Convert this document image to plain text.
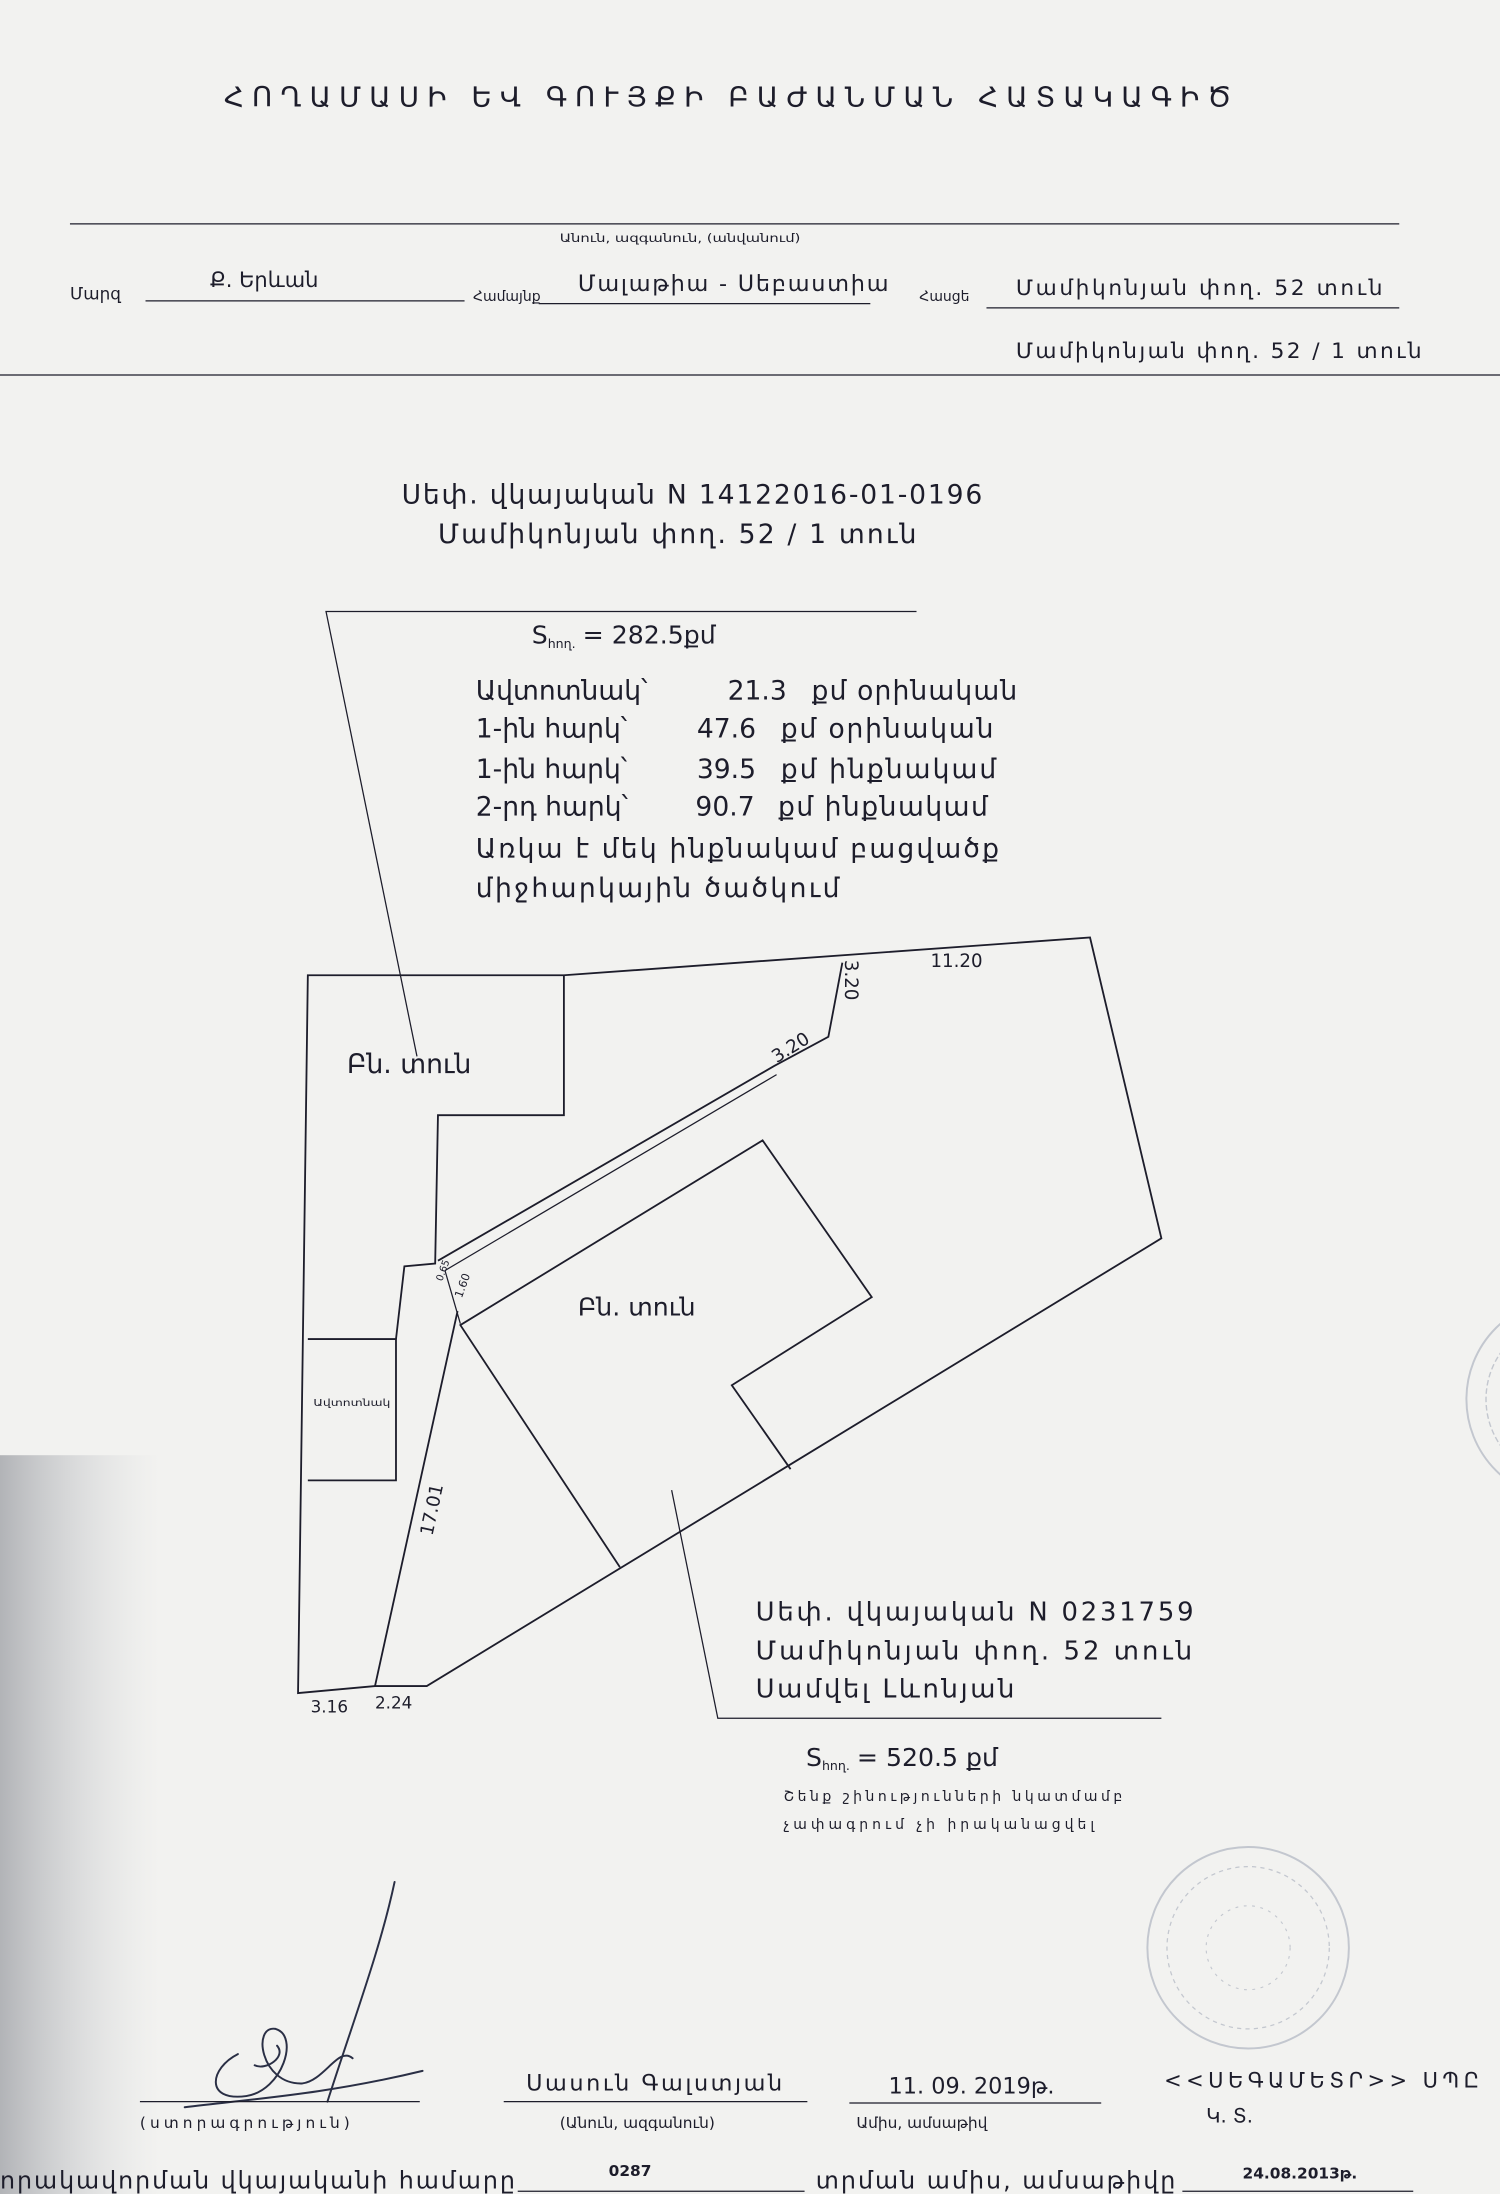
ՀՈՂԱՄԱՍԻ ԵՎ ԳՈՒՅՔԻ ԲԱԺԱՆՄԱՆ ՀԱՏԱԿԱԳԻԾ
Անուն, ազգանուն, (անվանում)
Մարզ
Ք. Երևան
Համայնք Մալաթիա - Սեբաստիա	Հասցե	Մամիկոնյան փող. 52 տուն
Մամիկոնյան փող. 52 / 1 տուն
Սեփ. վկայական N 14122016-01-0196
Մամիկոնյան փող. 52 / 1 տուն
Sհող. = 282.5քմ
Ավտոտնակ՝	21.3 քմ օրինական
1-ին հարկ՝	47.6 քմ օրինական
1-ին հարկ՝	39.5 քմ ինքնակամ
2-րդ հարկ՝	90.7 քմ ինքնակամ
Առկա է մեկ ինքնակամ բացվածք
միջհարկային ծածկում
Բն. տուն
Բն. տուն
Ավտոտնակ
11.20
3.20
3.20
17.01
3.16 2.24
0.65
1.60
Սեփ. վկայական N 0231759
Մամիկոնյան փող. 52 տուն
Սամվել Լևոնյան
Sհող. = 520.5 քմ
Շենք շինությունների նկատմամբ
չափագրում չի իրականացվել
(ստորագրություն)
Սասուն Գալստյան
(Անուն, ազգանուն)
11. 09. 2019թ.
Ամիս, ամսաթիվ
<<ՍԵԳԱՄԵՏՐ>> ՍՊԸ
Կ. Տ.
որակավորման վկայականի համարը	0287	տրման ամիս, ամսաթիվը	24.08.2013թ.
